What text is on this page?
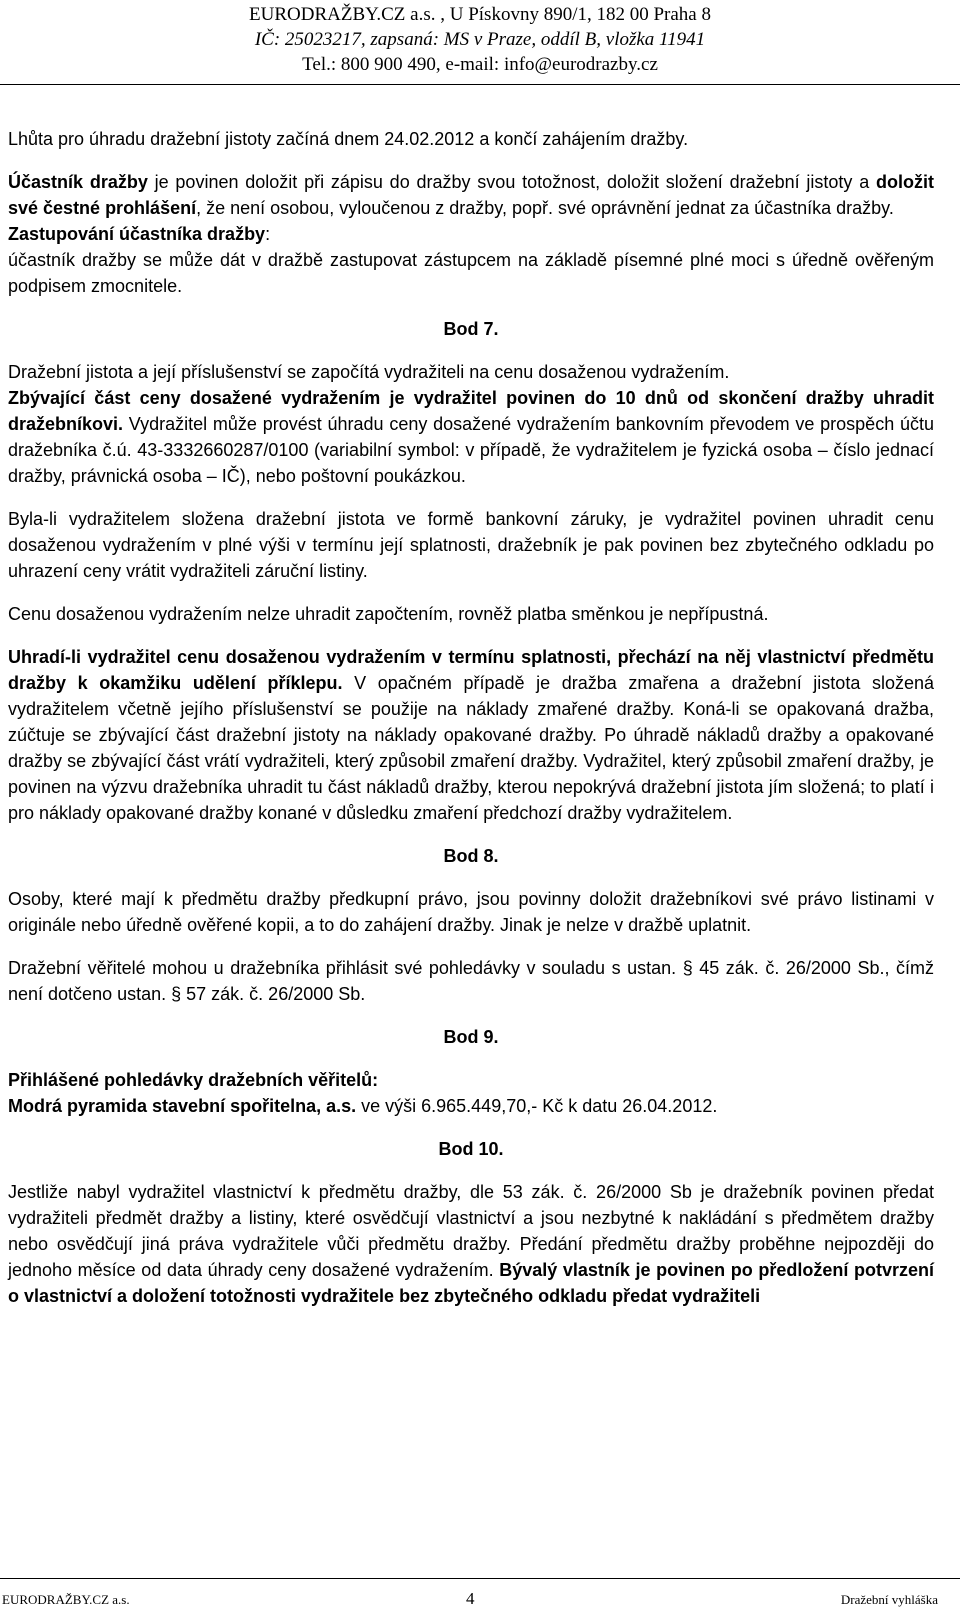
EURODRAŽBY.CZ a.s. , U Pískovny 890/1, 182 00 Praha 8
IČ: 25023217, zapsaná: MS v Praze, oddíl B, vložka 11941
Tel.: 800 900 490, e-mail: info@eurodrazby.cz

Lhůta pro úhradu dražební jistoty začíná dnem 24.02.2012 a končí zahájením dražby.

Účastník dražby je povinen doložit při zápisu do dražby svou totožnost, doložit složení dražební jistoty a doložit své čestné prohlášení, že není osobou, vyloučenou z dražby, popř. své oprávnění jednat za účastníka dražby.

Zastupování účastníka dražby:
účastník dražby se může dát v dražbě zastupovat zástupcem na základě písemné plné moci s úředně ověřeným podpisem zmocnitele.

Bod 7.

Dražební jistota a její příslušenství se započítá vydražiteli na cenu dosaženou vydražením.

Zbývající část ceny dosažené vydražením je vydražitel povinen do 10 dnů od skončení dražby uhradit dražebníkovi. Vydražitel může provést úhradu ceny dosažené vydražením bankovním převodem ve prospěch účtu dražebníka č.ú. 43-3332660287/0100 (variabilní symbol: v případě, že vydražitelem je fyzická osoba – číslo jednací dražby, právnická osoba – IČ), nebo poštovní poukázkou.

Byla-li vydražitelem složena dražební jistota ve formě bankovní záruky, je vydražitel povinen uhradit cenu dosaženou vydražením v plné výši v termínu její splatnosti, dražebník je pak povinen bez zbytečného odkladu po uhrazení ceny vrátit vydražiteli záruční listiny.

Cenu dosaženou vydražením nelze uhradit započtením, rovněž platba směnkou je nepřípustná.

Uhradí-li vydražitel cenu dosaženou vydražením v termínu splatnosti, přechází na něj vlastnictví předmětu dražby k okamžiku udělení příklepu. V opačném případě je dražba zmařena a dražební jistota složená vydražitelem včetně jejího příslušenství se použije na náklady zmařené dražby. Koná-li se opakovaná dražba, zúčtuje se zbývající část dražební jistoty na náklady opakované dražby. Po úhradě nákladů dražby a opakované dražby se zbývající část vrátí vydražiteli, který způsobil zmaření dražby. Vydražitel, který způsobil zmaření dražby, je povinen na výzvu dražebníka uhradit tu část nákladů dražby, kterou nepokrývá dražební jistota jím složená; to platí i pro náklady opakované dražby konané v důsledku zmaření předchozí dražby vydražitelem.

Bod 8.

Osoby, které mají k předmětu dražby předkupní právo, jsou povinny doložit dražebníkovi své právo listinami v originále nebo úředně ověřené kopii, a to do zahájení dražby. Jinak je nelze v dražbě uplatnit.

Dražební věřitelé mohou u dražebníka přihlásit své pohledávky v souladu s ustan. § 45 zák. č. 26/2000 Sb., čímž není dotčeno ustan. § 57 zák. č. 26/2000 Sb.

Bod 9.

Přihlášené pohledávky dražebních věřitelů:
Modrá pyramida stavební spořitelna, a.s. ve výši 6.965.449,70,- Kč k datu 26.04.2012.

Bod 10.

Jestliže nabyl vydražitel vlastnictví k předmětu dražby, dle 53 zák. č. 26/2000 Sb je dražebník povinen předat vydražiteli předmět dražby a listiny, které osvědčují vlastnictví a jsou nezbytné k nakládání s předmětem dražby nebo osvědčují jiná práva vydražitele vůči předmětu dražby. Předání předmětu dražby proběhne nejpozději do jednoho měsíce od data úhrady ceny dosažené vydražením. Bývalý vlastník je povinen po předložení potvrzení o vlastnictví a doložení totožnosti vydražitele bez zbytečného odkladu předat vydražiteli

EURODRAŽBY.CZ a.s.	4	Dražební vyhláška
